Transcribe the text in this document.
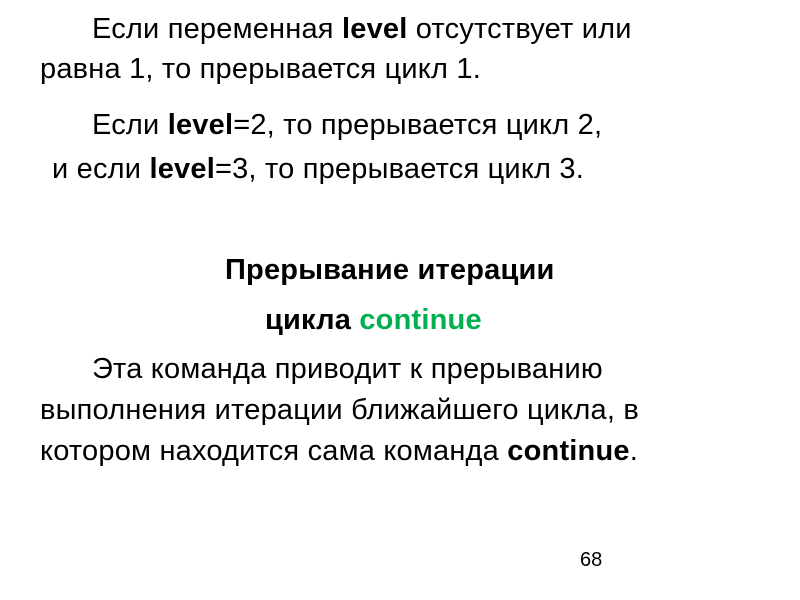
Если переменная level отсутствует или
равна 1, то прерывается цикл 1.
Если level=2, то прерывается цикл 2,
и если level=3, то прерывается цикл 3.
Прерывание итерации
цикла continue
Эта команда приводит к прерыванию
выполнения итерации ближайшего цикла, в
котором находится сама команда continue.
68
